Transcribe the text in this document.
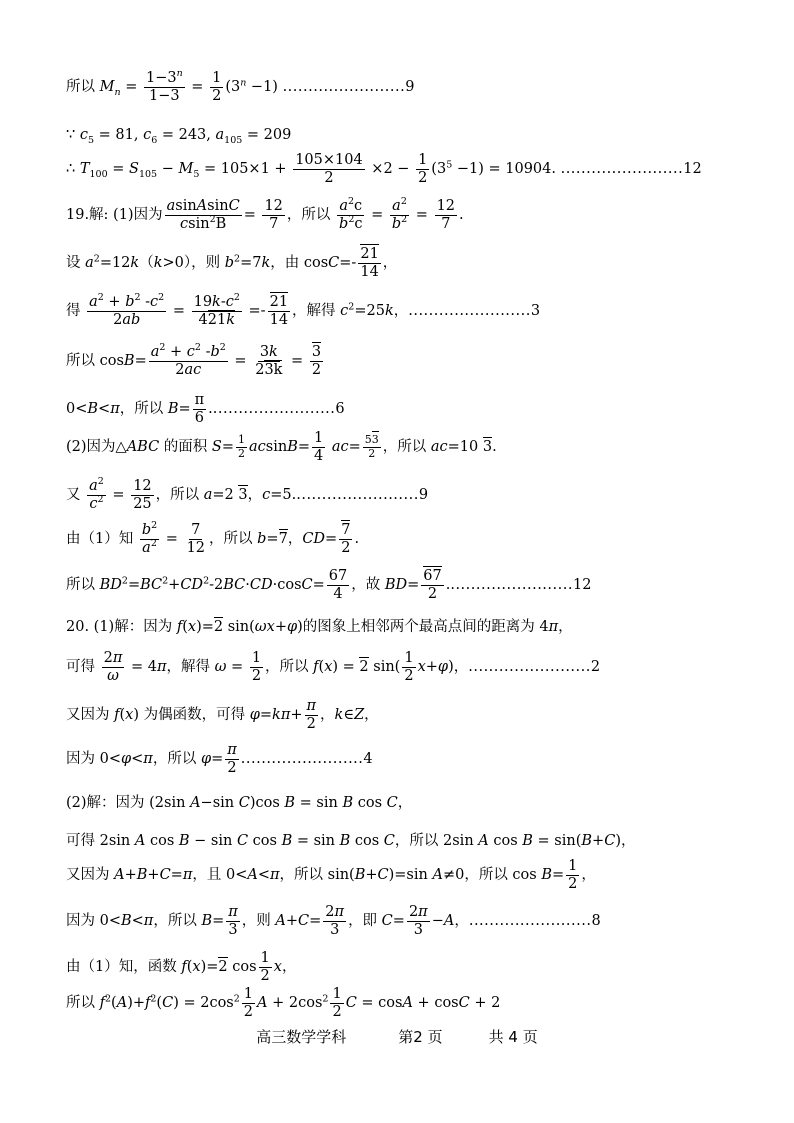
所以 $M_n = \frac{1-3^n}{1-3} = \frac{1}{2} (3^n -1)$ ........................9
∵ $c_5 = 81$, $c_6 = 243$, $a_{105} = 209$
∴ $T_{100} = S_{105} - M_5 = 105\times 1 + \frac{105\times 104}{2} \times 2 - \frac{1}{2} (3^5 -1) = 10904$. ........................12
19.解: (1)因为 $\frac{\text{asinAsinC}}{csin^2B} = \frac{12}{7}$ ，所以 $\frac{a^2c}{b^2c} = \frac{a^2}{b^2} = \frac{12}{7}$ .
设 $a^2=12k(k>0)$，则 $b^2=7k$，由 $\cos C=- \frac{21}{14}$ ，
得 $\frac{a^2 + b^2 -c^2}{2ab} = \frac{19k-c^2}{421k} =- \frac{21}{14}$ ，解得 $c^2=25k$，........................3
所以 $\cos B= \frac{a^2 + c^2 -b^2}{2ac} = \frac{3k}{23k} = \frac{3}{2}$
0<B<π，所以 $B= \frac{\pi}{6} .........................6$
(2)因为△ABC 的面积 $S= \frac{1}{2} acsinB= \frac{1}{4} ac= \frac{53}{2}$ ，所以 ac=10 3.
又 $\frac{a^2}{c^2} = \frac{12}{25}$ ，所以 a=2 3，c=5.........................9
由（1）知 $\frac{b^2}{a^2} = \frac{7}{12}$ ，所以 b=7，$CD= \frac{7}{2}$ .
所以 $BD^2=BC^2+CD^2-2BC\cdot CD\cdot\cos C= \frac{67}{4}$ ，故 $BD= \frac{67}{2} .........................12$
20. (1)解：因为 f(x)=2 sin(ωx+φ)的图象上相邻两个最高点间的距离为 4π，
可得 $\frac{2\pi}{\omega} = 4\pi$，解得 $\omega = \frac{1}{2}$ ，所以 f(x) = 2 $\sin( \frac{1}{2} x+\varphi)$，........................2
又因为 f(x) 为偶函数，可得 $\varphi=k\pi+ \frac{\pi}{2}$ ，k∈Z，
因为 0<φ<π，所以 $\varphi= \frac{\pi}{2} ........................4$
(2)解：因为 (2sin A−sin C)cos B = sin B cos C，
可得 2sin A cos B − sin C cos B = sin B cos C，所以 2sin A cos B = sin(B+C)，
又因为 A+B+C=π，且 0<A<π，所以 sin(B+C)=sin A≠0，所以 $\cos B= \frac{1}{2}$ ，
因为 0<B<π，所以 $B= \frac{\pi}{3}$ ，则 $A+C= \frac{2\pi}{3}$ ，即 $C= \frac{2\pi}{3} -A$，........................8
由（1）知，函数 f(x)=2 $\cos \frac{1}{2}$ x，
所以 $f^2(A)+f^2(C) = 2\cos^2 \frac{1}{2}$ $A + 2\cos^2 \frac{1}{2}$ C = cosA + cosC + 2
高三数学学科	第2 页	共 4 页
